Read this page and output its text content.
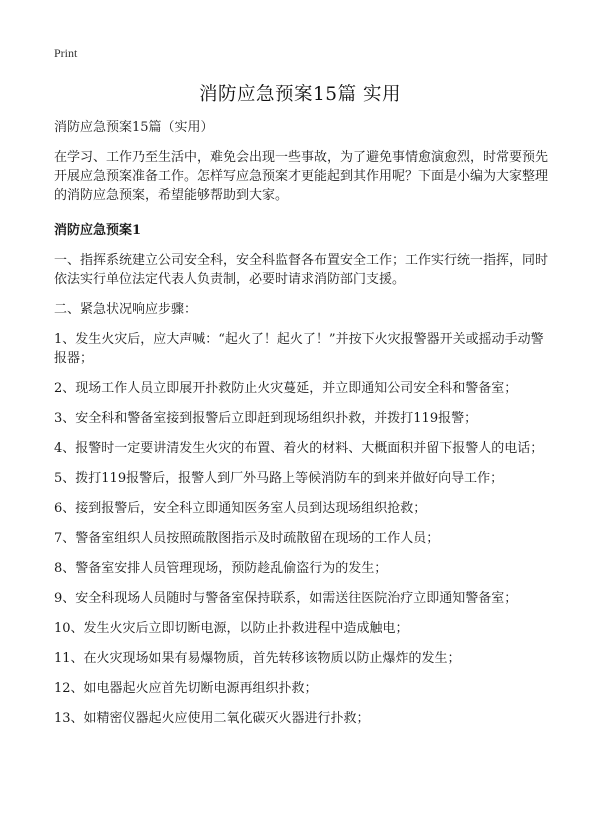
Print
消防应急预案15篇 实用

消防应急预案15篇（实用）

在学习、工作乃至生活中，难免会出现一些事故，为了避免事情愈演愈烈，时常要预先开展应急预案准备工作。怎样写应急预案才更能起到其作用呢？下面是小编为大家整理的消防应急预案，希望能够帮助到大家。

消防应急预案1

一、指挥系统建立公司安全科，安全科监督各布置安全工作；工作实行统一指挥，同时依法实行单位法定代表人负责制，必要时请求消防部门支援。

二、紧急状况响应步骤：

1、发生火灾后，应大声喊：“起火了！起火了！”并按下火灾报警器开关或摇动手动警报器；
2、现场工作人员立即展开扑救防止火灾蔓延，并立即通知公司安全科和警备室；
3、安全科和警备室接到报警后立即赶到现场组织扑救，并拨打119报警；
4、报警时一定要讲清发生火灾的布置、着火的材料、大概面积并留下报警人的电话；
5、拨打119报警后，报警人到厂外马路上等候消防车的到来并做好向导工作；
6、接到报警后，安全科立即通知医务室人员到达现场组织抢救；
7、警备室组织人员按照疏散图指示及时疏散留在现场的工作人员；
8、警备室安排人员管理现场，预防趁乱偷盗行为的发生；
9、安全科现场人员随时与警备室保持联系，如需送往医院治疗立即通知警备室；
10、发生火灾后立即切断电源，以防止扑救进程中造成触电；
11、在火灾现场如果有易爆物质，首先转移该物质以防止爆炸的发生；
12、如电器起火应首先切断电源再组织扑救；
13、如精密仪器起火应使用二氧化碳灭火器进行扑救；
